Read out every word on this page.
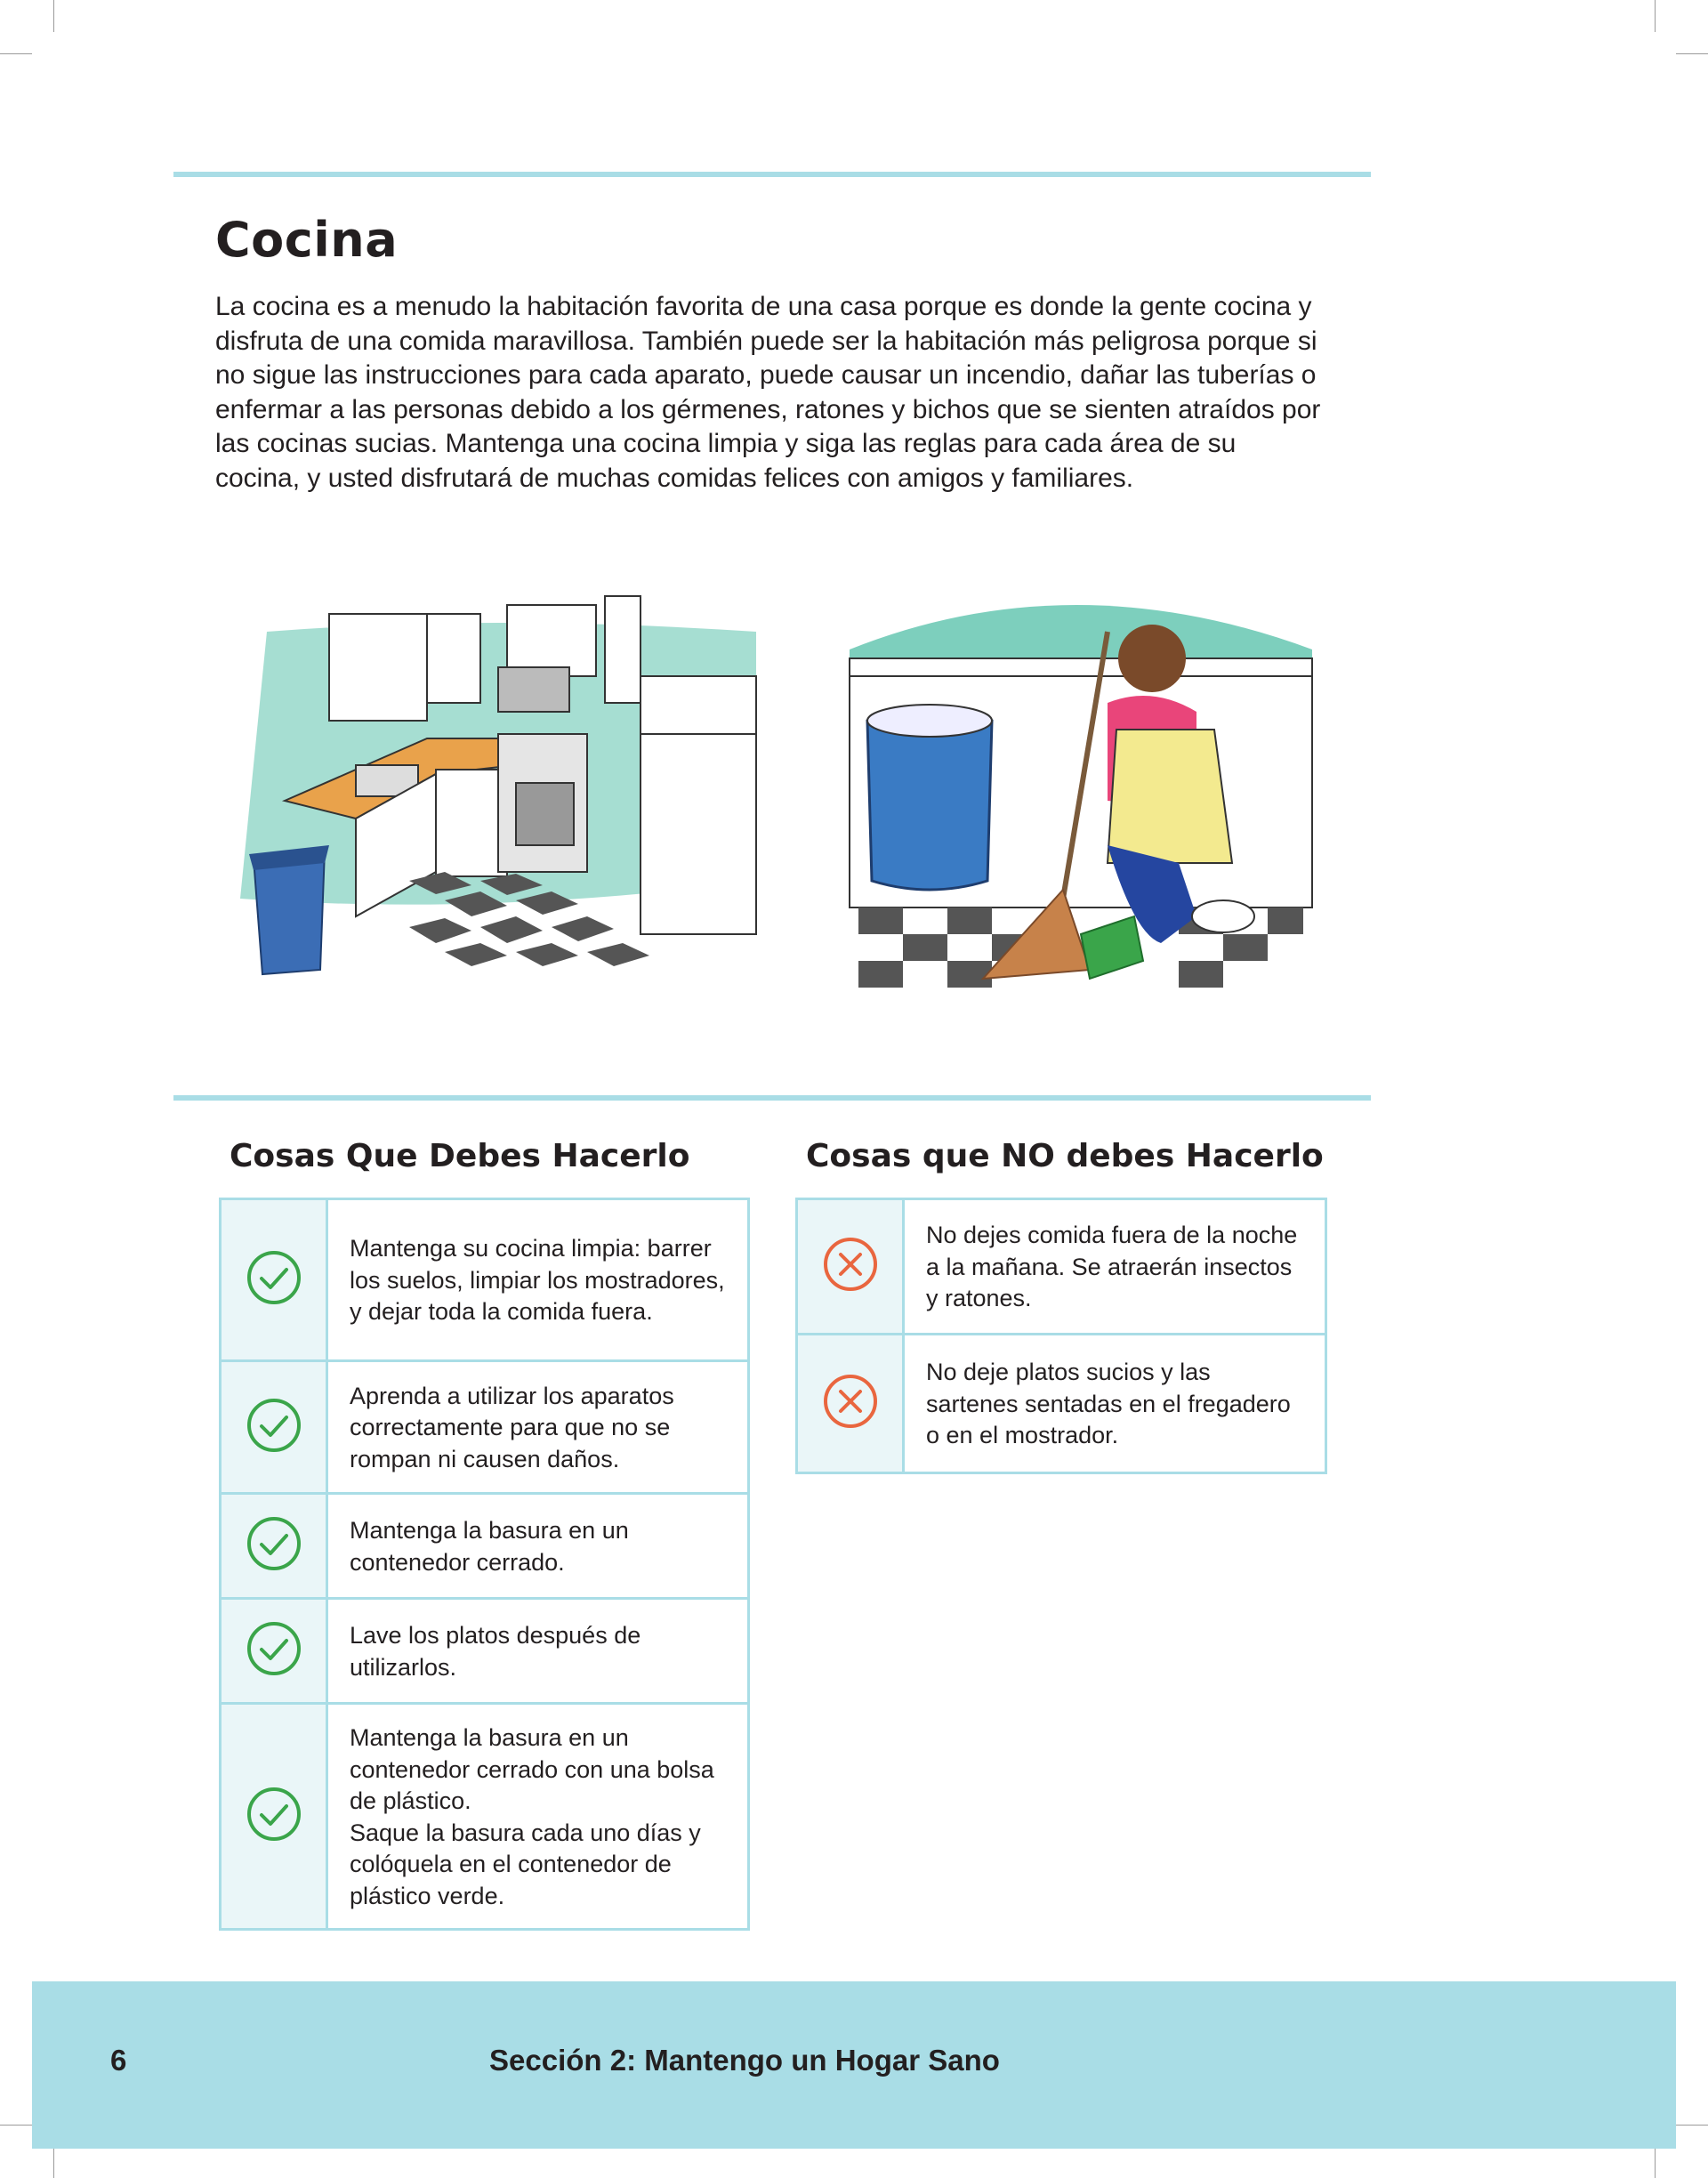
Cocina

La cocina es a menudo la habitación favorita de una casa porque es donde la gente cocina y disfruta de una comida maravillosa. También puede ser la habitación más peligrosa porque si no sigue las instrucciones para cada aparato, puede causar un incendio, dañar las tuberías o enfermar a las personas debido a los gérmenes, ratones y bichos que se sienten atraídos por las cocinas sucias. Mantenga una cocina limpia y siga las reglas para cada área de su cocina, y usted disfrutará de muchas comidas felices con amigos y familiares.

Cosas Que Debes Hacerlo	Cosas que NO debes Hacerlo
	Mantenga su cocina limpia: barrer los suelos, limpiar los mostradores, y dejar toda la comida fuera.
	Aprenda a utilizar los aparatos correctamente para que no se rompan ni causen daños.
	Mantenga la basura en un contenedor cerrado.
	Lave los platos después de utilizarlos.
	Mantenga la basura en un contenedor cerrado con una bolsa de plástico.
Saque la basura cada uno días y colóquela en el contenedor de plástico verde.
	No dejes comida fuera de la noche a la mañana. Se atraerán insectos y ratones.
	No deje platos sucios y las sartenes sentadas en el fregadero o en el mostrador.
6	Sección 2: Mantengo un Hogar Sano
